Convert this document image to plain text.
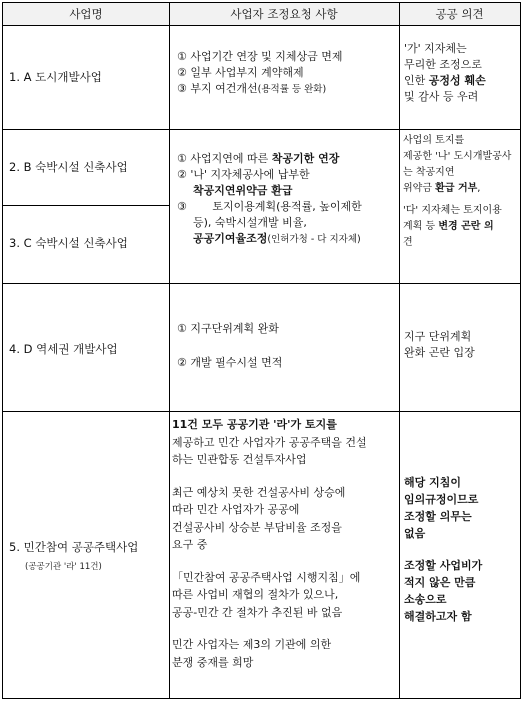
사업명	사업자 조정요청 사항	공공 의견
1. A 도시개발사업
① 사업기간 연장 및 지체상금 면제
② 일부 사업부지 계약해제
③ 부지 여건개선(용적률 등 완화)
'가' 지자체는
무리한 조정으로
인한 공정성 훼손
및 감사 등 우려
2. B 숙박시설 신축사업
3. C 숙박시설 신축사업
① 사업지연에 따른 착공기한 연장
② '나' 지자체공사에 납부한
착공지연위약금 환급
③ 토지이용계획(용적률, 높이제한
등), 숙박시설개발 비율,
공공기여율조정(인허가청 - 다 지자체)
사업의 토지를
제공한 '나' 도시개발공사
는 착공지연
위약금 환급 거부,
'다' 지자체는 토지이용
계획 등 변경 곤란 의
견
4. D 역세권 개발사업
① 지구단위계획 완화
② 개발 필수시설 면적
지구 단위계획
완화 곤란 입장
5. 민간참여 공공주택사업
(공공기관 '라' 11건)
11건 모두 공공기관 '라'가 토지를
제공하고 민간 사업자가 공공주택을 건설
하는 민관합동 건설투자사업
최근 예상치 못한 건설공사비 상승에
따라 민간 사업자가 공공에
건설공사비 상승분 부담비율 조정을
요구 중
「민간참여 공공주택사업 시행지침」에
따른 사업비 재협의 절차가 있으나,
공공-민간 간 절차가 추진된 바 없음
민간 사업자는 제3의 기관에 의한
분쟁 중재를 희망
해당 지침이
임의규정이므로
조정할 의무는
없음
조정할 사업비가
적지 않은 만큼
소송으로
해결하고자 함
